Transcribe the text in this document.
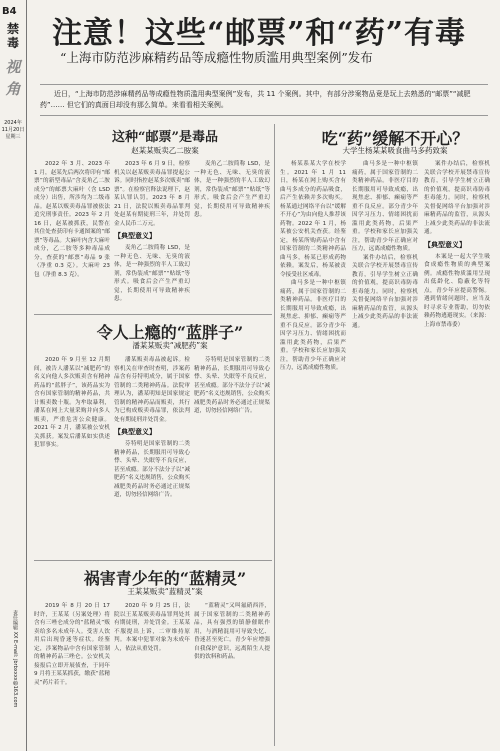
B4
禁毒
视角
2024年
11月20日
星期三
责任编辑 XX E-mail: jbrbxxxx@163.com
注意！这些“邮票”和“药”有毒
“上海市防范涉麻精药品等成瘾性物质滥用典型案例”发布

近日，“上海市防范涉麻精药品等成瘾性物质滥用典型案例”发布，共 11 个案例。其中，有部分涉案物品竟是玩上去熟悉的“邮票”“减肥药”…… 但它们的真面目却没有那么简单。来看看相关案例。

这种“邮票”是毒品
赵某某贩卖乙二胺案

2022 年 3 月、2023 年 1 月，赵某先后两次将印有“邮票”的新型毒品“含麦角乙二胺成分”的邮票大麻叶（含 LSD 成分）出售，所涉均为二级毒品。赵某以贩卖毒品罪被依法追究刑事责任。2023 年 2 月 16 日，赵某被抓获，民警在其住处查获印有卡通图案的“邮票”等毒品。大麻叶内含大麻叶成分，乙二胺等多种毒品成分，查获的“邮票”毒品 9 张（净重 0.3 克）。大麻叶 23 包（净重 8.3 克）。

2023 年 6 月 9 日，检察机关以赵某贩卖毒品罪提起公诉。同时指控赵某多次贩卖“邮票”。在检察官释法说理下，赵某认罪认罚。2023 年 8 月 21 日，法院以贩卖毒品罪判处赵某有期徒刑三年，并处罚金人民币二万元。

【典型意义】

麦角乙二胺简称 LSD，是一种无色、无味、无臭的液体，是一种强烈的半人工致幻剂，常伪装成“邮票”“贴纸”等形式。吸食后会产生严重幻觉，长期使用可导致精神疾患。

麦角乙二胺简称 LSD，是一种无色、无味、无臭的液体，是一种强烈的半人工致幻剂，常伪装成“邮票”“贴纸”等形式。吸食后会产生严重幻觉，长期使用可导致精神疾患。

令人上瘾的“蓝胖子”
潘某某贩卖“减肥药”案

2020 年 9 月至 12 月期间，被告人潘某以“减肥药”的名义向他人多次贩卖含有精神药品的“蓝胖子”，该药品实为含有国家管制的精神药品，共计贩卖数十瓶。为牟取暴利，潘某在网上大量采购并向多人贩卖，严重危害公众健康。2021 年 2 月，潘某被公安机关抓获。案发后潘某如实供述犯罪事实。

潘某贩卖毒品被起诉。检察机关在审查时查明，涉案药品含有芬特明成分，属于国家管制的二类精神药品。法院审理认为，潘某明知是国家规定管制的精神药品而贩卖，其行为已构成贩卖毒品罪，依法判处有期徒刑并处罚金。

【典型意义】

芬特明是国家管制的二类精神药品，长期服用可导致心悸、头晕、失眠等不良反应，甚至成瘾。部分不法分子以“减肥药”名义违规销售，公众购买减肥类药品时务必通过正规渠道，切勿轻信网络广告。

芬特明是国家管制的二类精神药品，长期服用可导致心悸、头晕、失眠等不良反应，甚至成瘾。部分不法分子以“减肥药”名义违规销售，公众购买减肥类药品时务必通过正规渠道，切勿轻信网络广告。

祸害青少年的“蓝精灵”
王某某贩卖“蓝精灵”案

2019 年 8 月 20 日 17 时许，王某某（另案处理）将含有三唑仑成分的“蓝精灵”贩卖给多名未成年人。受害人饮用后出现昏迷等症状。经鉴定，涉案物品中含有国家管制的精神药品三唑仑。公安机关接报后立即开展侦查，于同年 9 月将王某某抓获，缴获“蓝精灵”药片若干。

2020 年 9 月 25 日，法院以王某某贩卖毒品罪判处其有期徒刑，并处罚金。王某某不服提出上诉，二审维持原判。本案中犯罪对象为未成年人，依法从重处罚。

“蓝精灵”又叫氟硝西泮，属于国家管制的二类精神药品，具有强烈的镇静催眠作用，与酒精混用可导致失忆、昏迷甚至死亡。青少年应增强自我保护意识，远离陌生人提供的饮料和药品。

吃“药”缓解不开心？
大学生杨某某吸食曲马多药致案

杨某系某大学在校学生。2021 年 1 月 11 日，杨某在网上购买含有曲马多成分的药品吸食，后产生依赖并多次购买。杨某通过网络平台以“缓解不开心”为由向他人推荐该药物。2022 年 1 月，杨某被公安机关查获。经鉴定，杨某所购药品中含有国家管制的二类精神药品曲马多，杨某已形成药物依赖。案发后，杨某被责令接受社区戒毒。

曲马多是一种中枢镇痛药，属于国家管制的二类精神药品。非医疗目的长期服用可导致成瘾，出现焦虑、抑郁、癫痫等严重不良反应。部分青少年因学习压力、情绪困扰而滥用此类药物，后果严重。学校和家长应加强关注，帮助青少年正确应对压力，远离成瘾性物质。

曲马多是一种中枢镇痛药，属于国家管制的二类精神药品。非医疗目的长期服用可导致成瘾，出现焦虑、抑郁、癫痫等严重不良反应。部分青少年因学习压力、情绪困扰而滥用此类药物，后果严重。学校和家长应加强关注，帮助青少年正确应对压力，远离成瘾性物质。

案件办结后，检察机关联合学校开展禁毒宣传教育，引导学生树立正确的价值观，提高识毒防毒拒毒能力。同时，检察机关督促网络平台加强对涉麻精药品的监管，从源头上减少此类药品的非法流通。

案件办结后，检察机关联合学校开展禁毒宣传教育，引导学生树立正确的价值观，提高识毒防毒拒毒能力。同时，检察机关督促网络平台加强对涉麻精药品的监管，从源头上减少此类药品的非法流通。

【典型意义】

本案是一起大学生吸食成瘾性物质的典型案例。成瘾性物质滥用呈现出低龄化、隐蔽化等特点，青少年应提高警惕。遇到情绪问题时，应当及时寻求专业帮助，切勿依赖药物逃避现实。（来源：上海市禁毒委）
